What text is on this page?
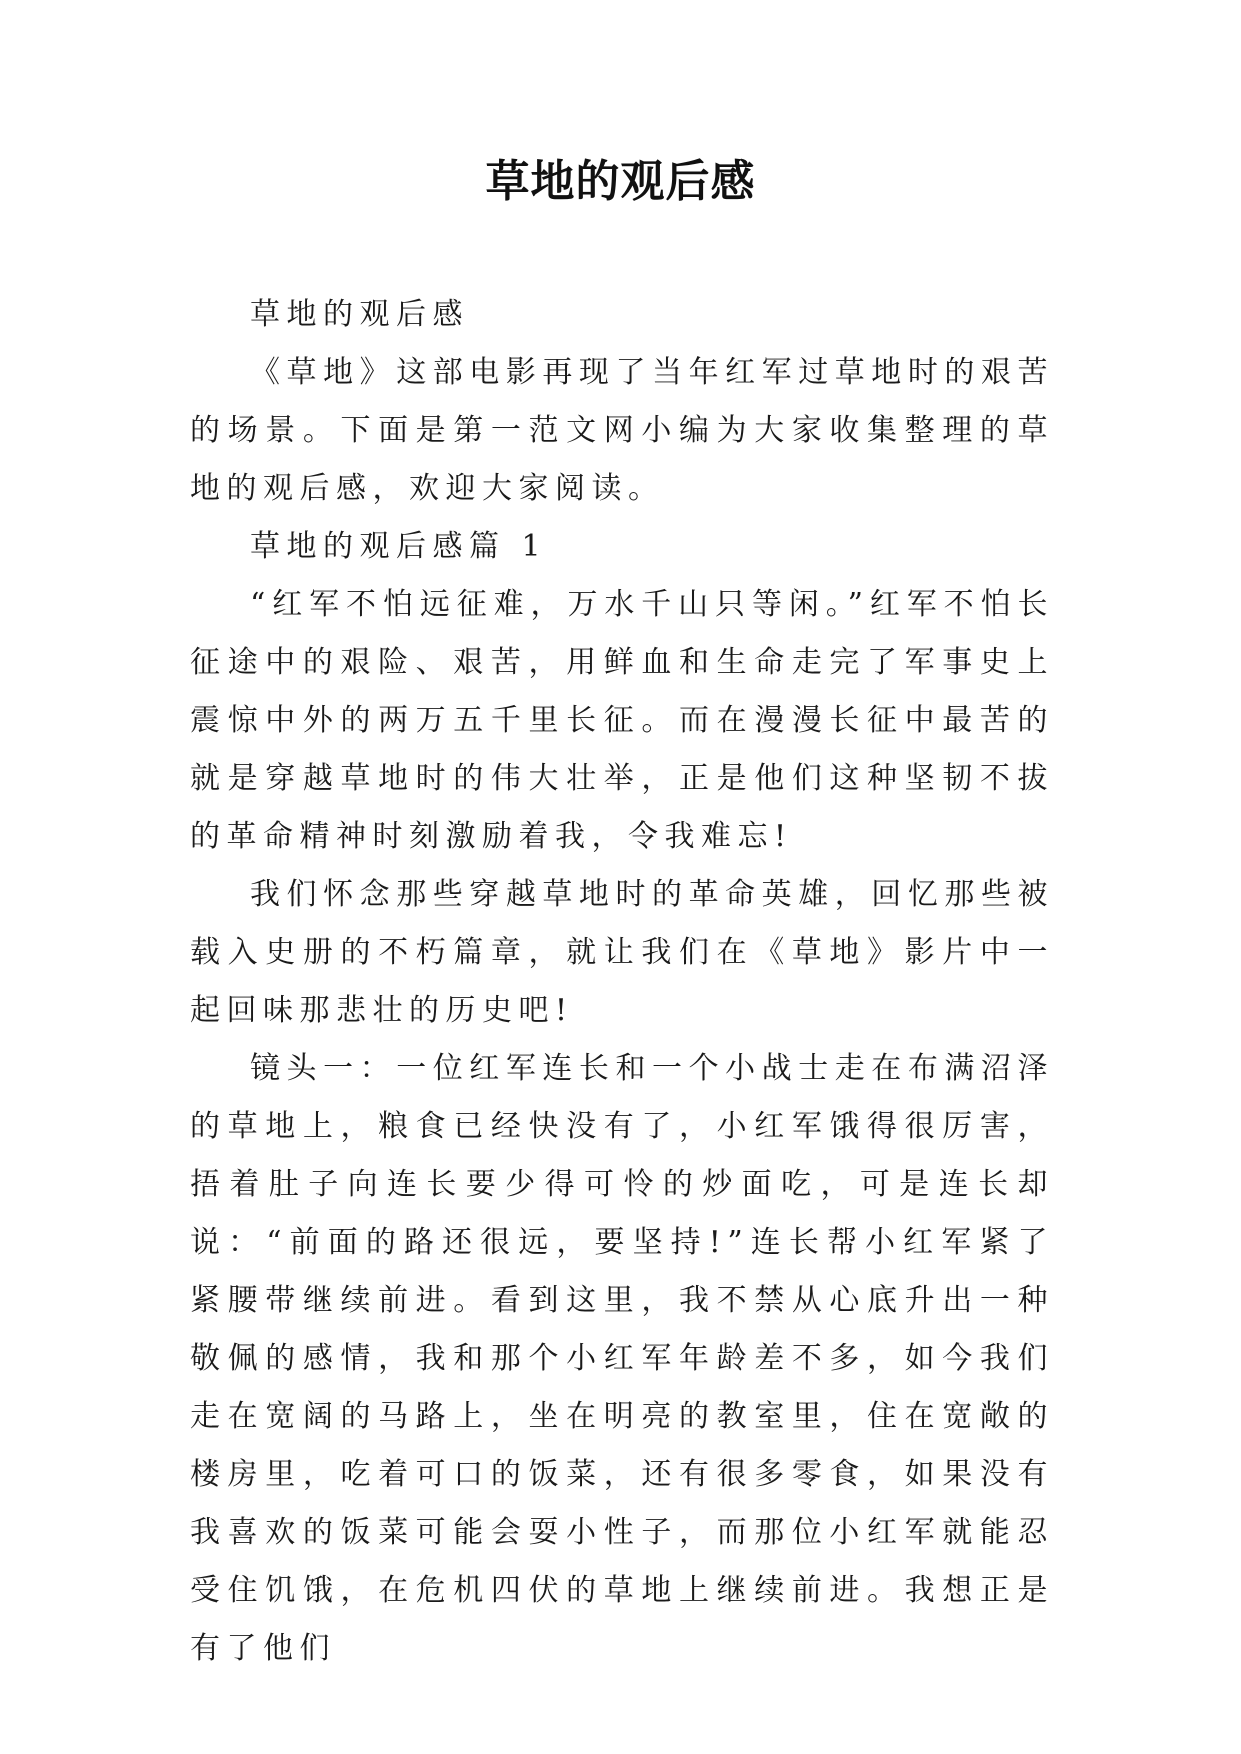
草地的观后感

草地的观后感

《草地》这部电影再现了当年红军过草地时的艰苦的场景。下面是第一范文网小编为大家收集整理的草地的观后感，欢迎大家阅读。

草地的观后感篇 1

“红军不怕远征难，万水千山只等闲。”红军不怕长征途中的艰险、艰苦，用鲜血和生命走完了军事史上震惊中外的两万五千里长征。而在漫漫长征中最苦的就是穿越草地时的伟大壮举，正是他们这种坚韧不拔的革命精神时刻激励着我，令我难忘!

我们怀念那些穿越草地时的革命英雄，回忆那些被载入史册的不朽篇章，就让我们在《草地》影片中一起回味那悲壮的历史吧!

镜头一：一位红军连长和一个小战士走在布满沼泽的草地上，粮食已经快没有了，小红军饿得很厉害，捂着肚子向连长要少得可怜的炒面吃，可是连长却说：“前面的路还很远，要坚持!”连长帮小红军紧了紧腰带继续前进。看到这里，我不禁从心底升出一种敬佩的感情，我和那个小红军年龄差不多，如今我们走在宽阔的马路上，坐在明亮的教室里，住在宽敞的楼房里，吃着可口的饭菜，还有很多零食，如果没有我喜欢的饭菜可能会耍小性子，而那位小红军就能忍受住饥饿，在危机四伏的草地上继续前进。我想正是有了他们
